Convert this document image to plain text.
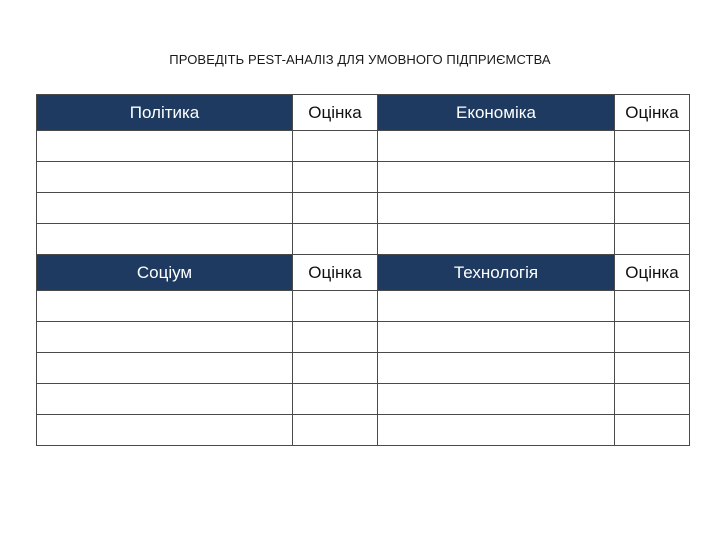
ПРОВЕДІТЬ PEST-АНАЛІЗ ДЛЯ УМОВНОГО ПІДПРИЄМСТВА
Політика	Оцінка	Економіка	Оцінка

Соціум	Оцінка	Технологія	Оцінка
